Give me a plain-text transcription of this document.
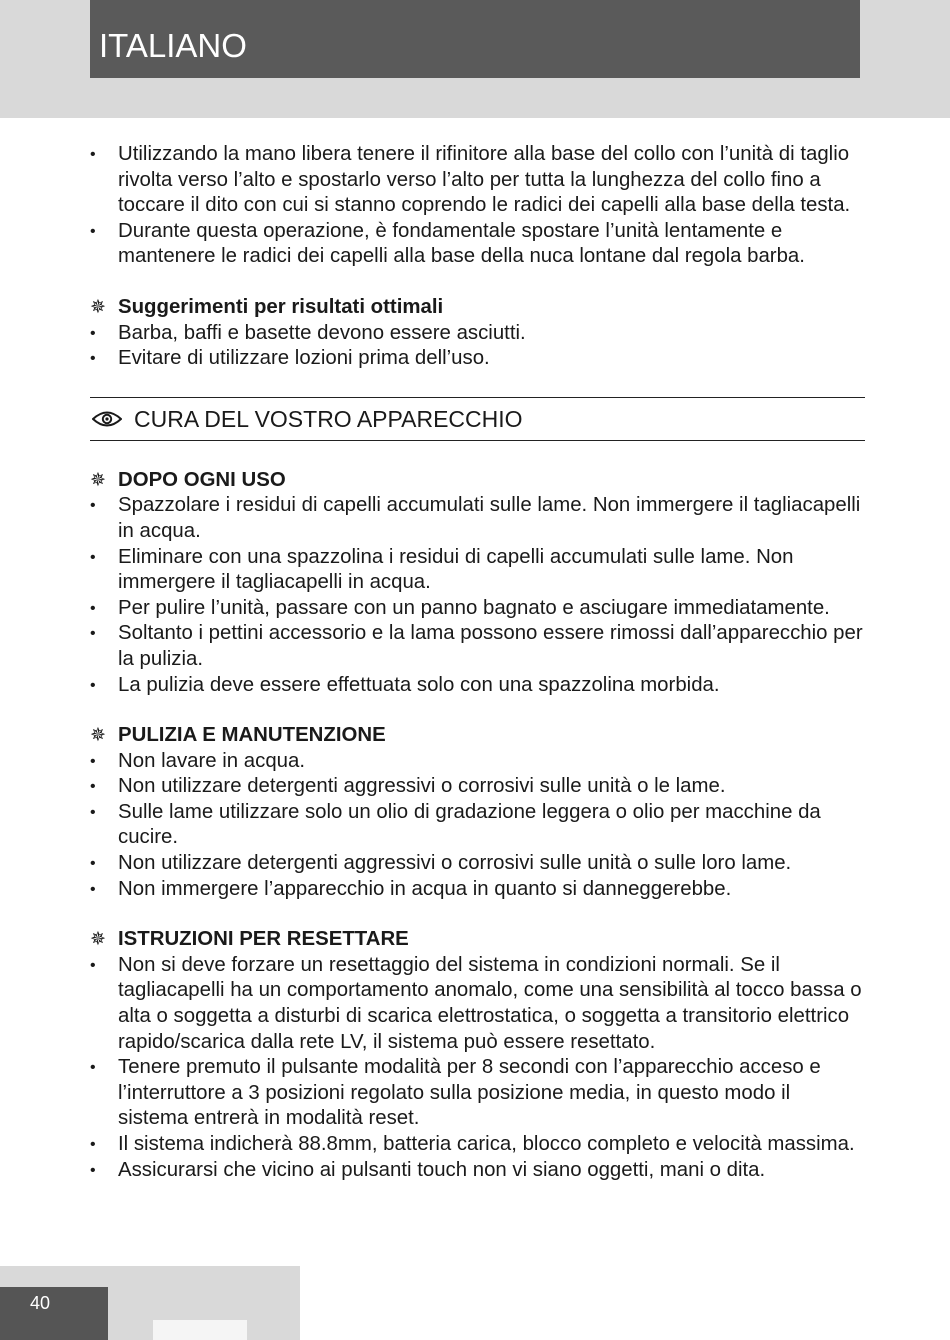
ITALIANO
• Utilizzando la mano libera tenere il rifinitore alla base del collo con l’unità di taglio rivolta verso l’alto e spostarlo verso l’alto per tutta la lunghezza del collo fino a toccare il dito con cui si stanno coprendo le radici dei capelli alla base della testa.
• Durante questa operazione, è fondamentale spostare l’unità lentamente e mantenere le radici dei capelli alla base della nuca lontane dal regola barba.
✵ Suggerimenti per risultati ottimali
• Barba, baffi e basette devono essere asciutti.
• Evitare di utilizzare lozioni prima dell’uso.
CURA DEL VOSTRO APPARECCHIO
✵ DOPO OGNI USO
• Spazzolare i residui di capelli accumulati sulle lame. Non immergere il tagliacapelli in acqua.
• Eliminare con una spazzolina i residui di capelli accumulati sulle lame. Non immergere il tagliacapelli in acqua.
• Per pulire l’unità, passare con un panno bagnato e asciugare immediatamente.
• Soltanto i pettini accessorio e la lama possono essere rimossi dall’apparecchio per la pulizia.
• La pulizia deve essere effettuata solo con una spazzolina morbida.
✵ PULIZIA E MANUTENZIONE
• Non lavare in acqua.
• Non utilizzare detergenti aggressivi o corrosivi sulle unità o le lame.
• Sulle lame utilizzare solo un olio di gradazione leggera o olio per macchine da cucire.
• Non utilizzare detergenti aggressivi o corrosivi sulle unità o sulle loro lame.
• Non immergere l’apparecchio in acqua in quanto si danneggerebbe.
✵ ISTRUZIONI PER RESETTARE
• Non si deve forzare un resettaggio del sistema in condizioni normali. Se il tagliacapelli ha un comportamento anomalo, come una sensibilità al tocco bassa o alta o soggetta a disturbi di scarica elettrostatica, o soggetta a transitorio elettrico rapido/scarica dalla rete LV, il sistema può essere resettato.
• Tenere premuto il pulsante modalità per 8 secondi con l’apparecchio acceso e l’interruttore a 3 posizioni regolato sulla posizione media, in questo modo il sistema entrerà in modalità reset.
• Il sistema indicherà 88.8mm, batteria carica, blocco completo e velocità massima.
• Assicurarsi che vicino ai pulsanti touch non vi siano oggetti, mani o dita.
40
